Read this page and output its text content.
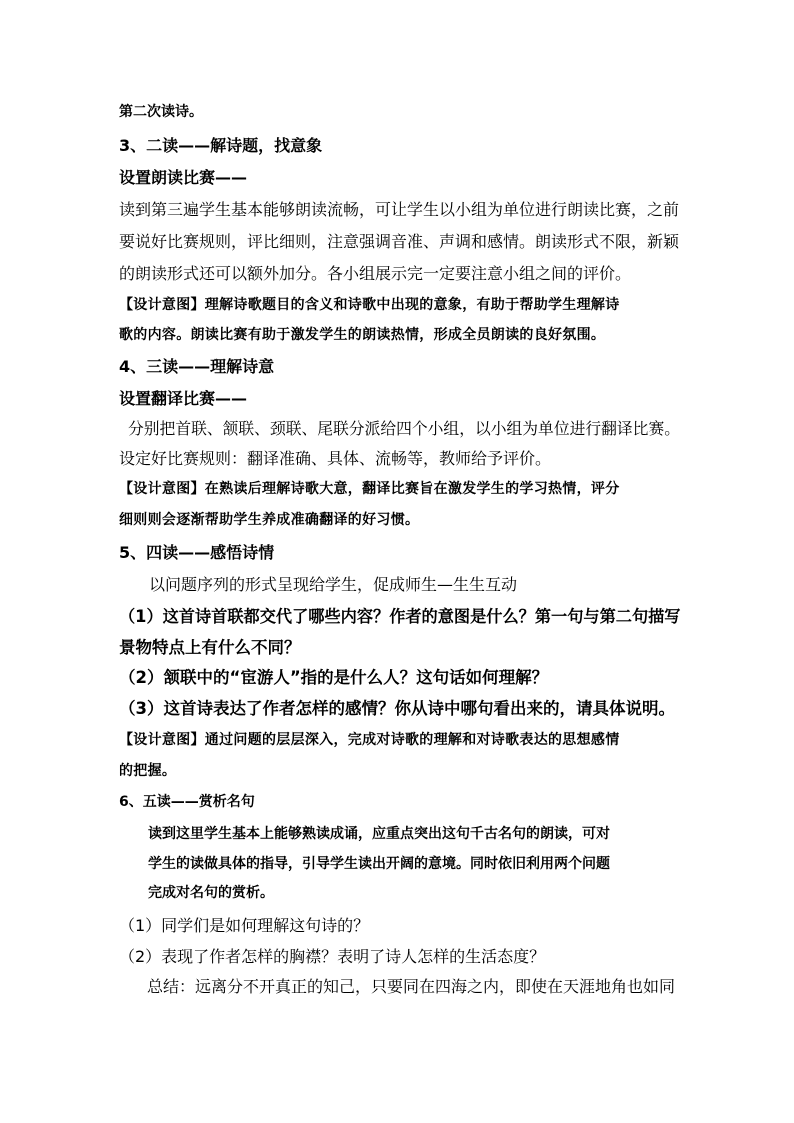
第二次读诗。
3、二读——解诗题，找意象
设置朗读比赛——
读到第三遍学生基本能够朗读流畅，可让学生以小组为单位进行朗读比赛，之前
要说好比赛规则，评比细则，注意强调音准、声调和感情。朗读形式不限，新颖
的朗读形式还可以额外加分。各小组展示完一定要注意小组之间的评价。
【设计意图】理解诗歌题目的含义和诗歌中出现的意象，有助于帮助学生理解诗
歌的内容。朗读比赛有助于激发学生的朗读热情，形成全员朗读的良好氛围。
4、三读——理解诗意
设置翻译比赛——
分别把首联、颔联、颈联、尾联分派给四个小组，以小组为单位进行翻译比赛。
设定好比赛规则：翻译准确、具体、流畅等，教师给予评价。
【设计意图】在熟读后理解诗歌大意，翻译比赛旨在激发学生的学习热情，评分
细则则会逐渐帮助学生养成准确翻译的好习惯。
5、四读——感悟诗情
以问题序列的形式呈现给学生，促成师生—生生互动
（1）这首诗首联都交代了哪些内容？作者的意图是什么？第一句与第二句描写
景物特点上有什么不同？
（2）颔联中的“宦游人”指的是什么人？这句话如何理解？
（3）这首诗表达了作者怎样的感情？你从诗中哪句看出来的，请具体说明。
【设计意图】通过问题的层层深入，完成对诗歌的理解和对诗歌表达的思想感情
的把握。
6、五读——赏析名句
读到这里学生基本上能够熟读成诵，应重点突出这句千古名句的朗读，可对
学生的读做具体的指导，引导学生读出开阔的意境。同时依旧利用两个问题
完成对名句的赏析。
（1）同学们是如何理解这句诗的？
（2）表现了作者怎样的胸襟？表明了诗人怎样的生活态度？
总结：远离分不开真正的知己，只要同在四海之内，即使在天涯地角也如同
